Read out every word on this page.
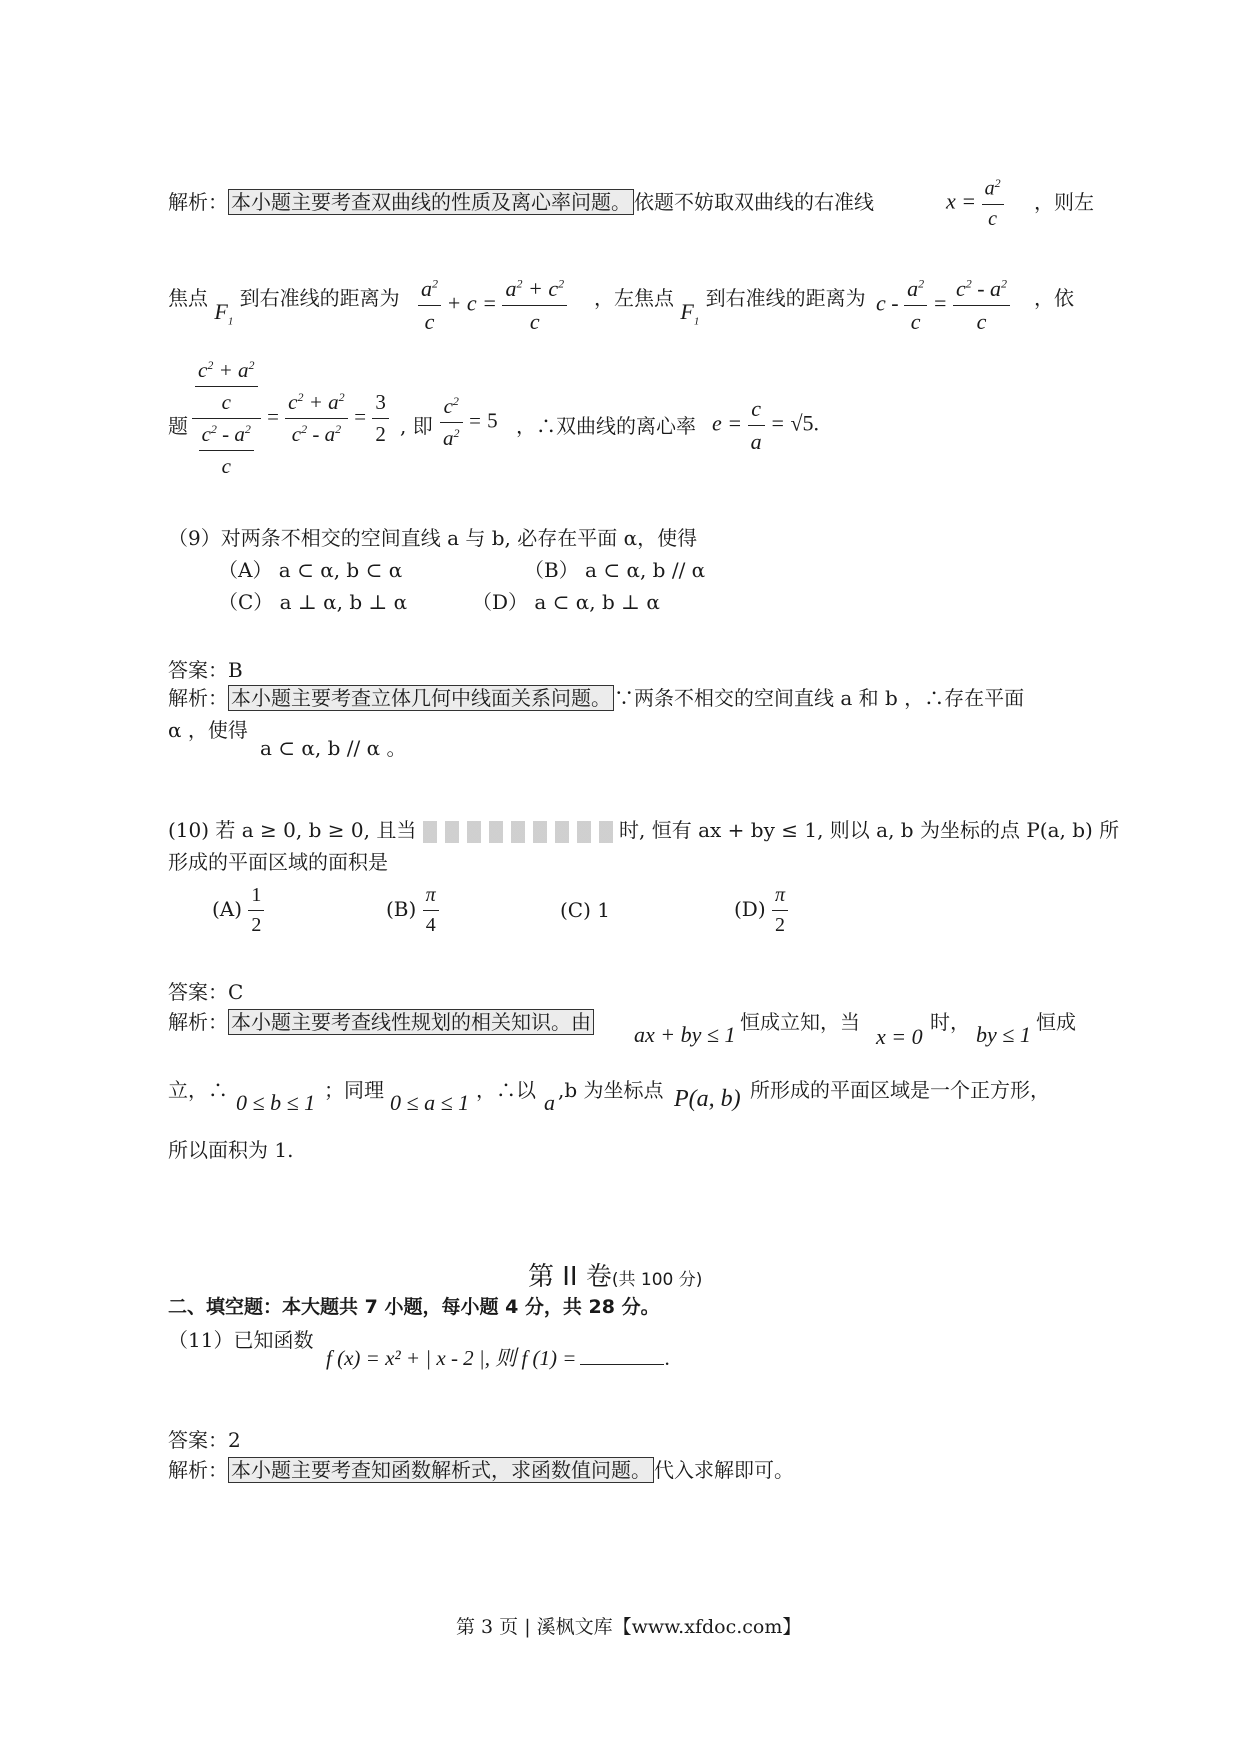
解析： 本小题主要考查双曲线的性质及离心率问题。 依题不妨取双曲线的右准线	$x = \frac{a^2}{c}$ ，则左
焦点 $F_1$ 到右准线的距离为 $\frac{a^2}{c} + c = \frac{a^2 + c^2}{c}$ ，左焦点 $F_1$ 到右准线的距离为 $c - \frac{a^2}{c} = \frac{c^2 - a^2}{c}$ ，依
题 $\frac{\frac{c^2 + a^2}{c}}{\frac{c^2 - a^2}{c}} = \frac{c^2 + a^2}{c^2 - a^2} = \frac{3}{2}$ , 即 $\frac{c^2}{a^2} = 5$ ，∴双曲线的离心率 $e = \frac{c}{a} = √5$.
（9）对两条不相交的空间直线 a 与 b, 必存在平面 α，使得
（A） a ⊂ α, b ⊂ α	（B） a ⊂ α, b // α
（C） a ⊥ α, b ⊥ α	（D） a ⊂ α, b ⊥ α
答案：B
解析： 本小题主要考查立体几何中线面关系问题。 ∵两条不相交的空间直线 a 和 b ，∴存在平面
α ，使得
a ⊂ α, b // α 。
(10) 若 a ≥ 0, b ≥ 0, 且当	时, 恒有 ax + by ≤ 1, 则以 a, b 为坐标的点 P(a, b) 所
形成的平面区域的面积是
$(A) \frac{1}{2}$	$(B) \frac{\pi}{4}$	(C) 1	$(D) \frac{\pi}{2}$
答案：C
解析： 本小题主要考查线性规划的相关知识。由 ax + by ≤ 1 恒成立知，当
x = 0
时， by ≤ 1 恒成
立，∴ 0 ≤ b ≤ 1 ；同理 0 ≤ a ≤ 1 ，∴以 a ,b 为坐标点 P(a, b) 所形成的平面区域是一个正方形，
所以面积为 1.
第 II 卷(共 100 分)
二、填空题：本大题共 7 小题，每小题 4 分，共 28 分。
（11）已知函数
f (x) = x² + | x - 2 |, 则 f (1) =	.
答案：2
解析： 本小题主要考查知函数解析式，求函数值问题。 代入求解即可。
第 3 页 | 溪枫文库【www.xfdoc.com】
